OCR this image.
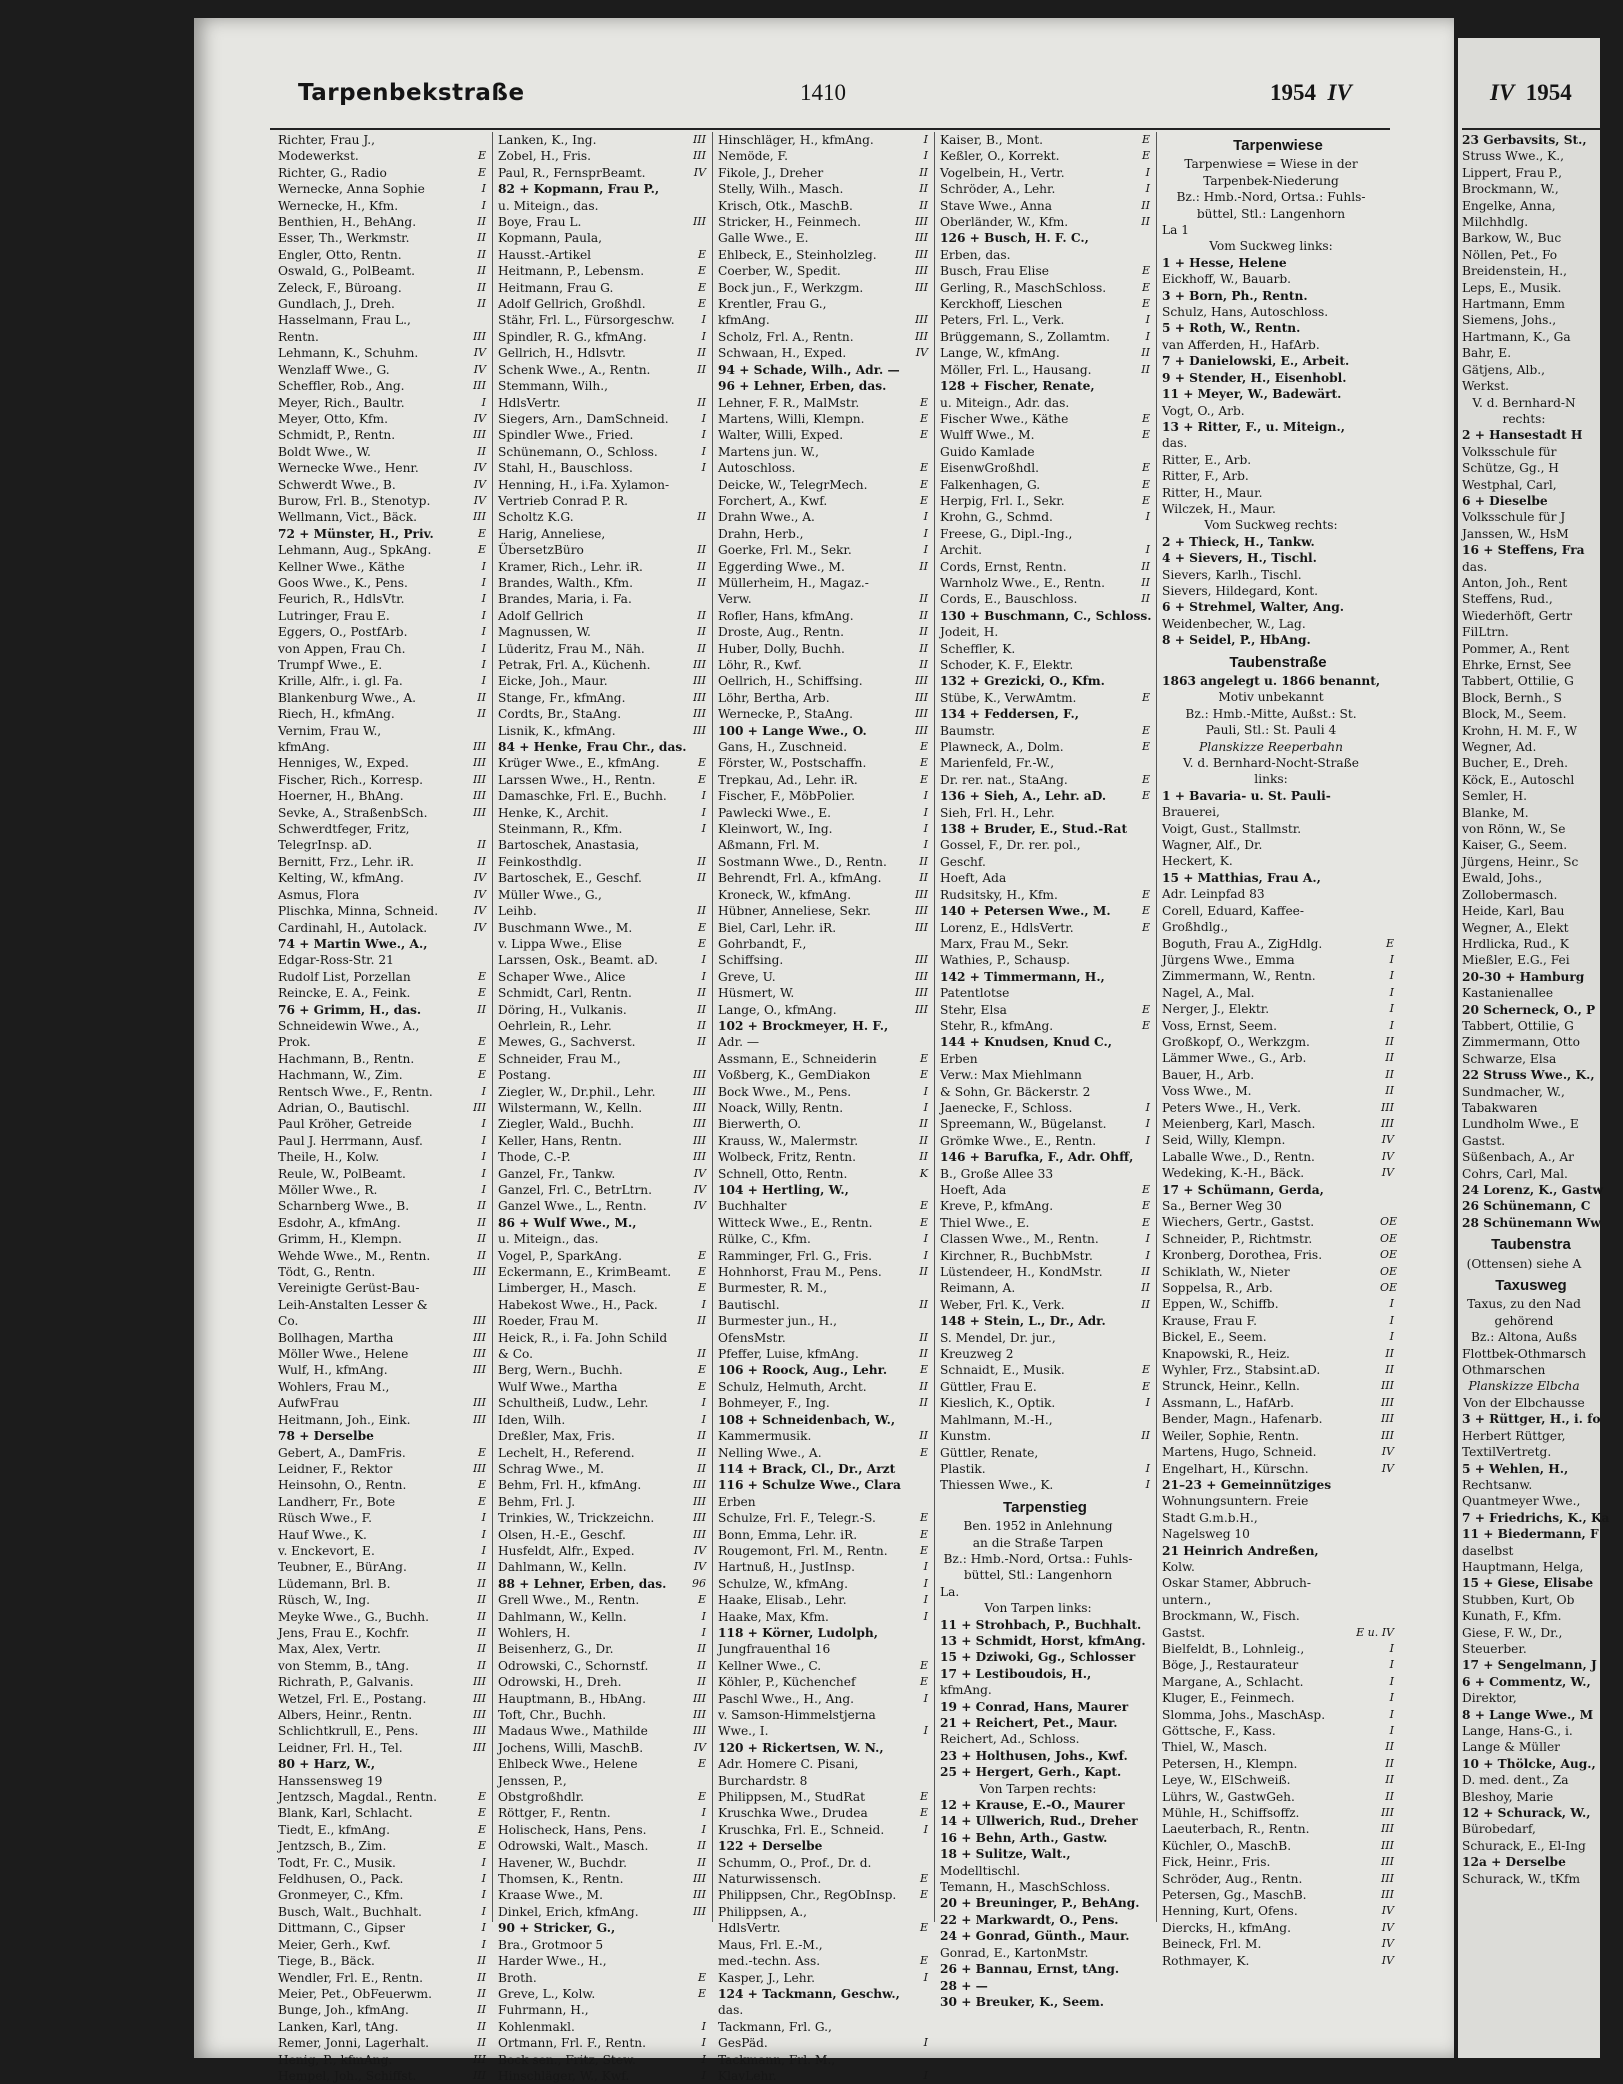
Tarpenbekstraße	1410	1954 IV	IV 1954
Richter, Frau J.,
Modewerkst.	E
Richter, G., Radio	E
Wernecke, Anna Sophie	I
Wernecke, H., Kfm.	I
Benthien, H., BehAng.	II
Esser, Th., Werkmstr.	II
Engler, Otto, Rentn.	II
Oswald, G., PolBeamt.	II
Zeleck, F., Büroang.	II
Gundlach, J., Dreh.	II
Hasselmann, Frau L.,
Rentn.	III
Lehmann, K., Schuhm.	IV
Wenzlaff Wwe., G.	IV
Scheffler, Rob., Ang.	III
Meyer, Rich., Baultr.	I
Meyer, Otto, Kfm.	IV
Schmidt, P., Rentn.	III
Boldt Wwe., W.	II
Wernecke Wwe., Henr.	IV
Schwerdt Wwe., B.	IV
Burow, Frl. B., Stenotyp.	IV
Wellmann, Vict., Bäck.	III
72 + Münster, H., Priv.	E
Lehmann, Aug., SpkAng.	E
Kellner Wwe., Käthe	I
Goos Wwe., K., Pens.	I
Feurich, R., HdlsVtr.	I
Lutringer, Frau E.	I
Eggers, O., PostfArb.	I
von Appen, Frau Ch.	I
Trumpf Wwe., E.	I
Krille, Alfr., i. gl. Fa.	I
Blankenburg Wwe., A.	II
Riech, H., kfmAng.	II
Vernim, Frau W.,
kfmAng.	III
Henniges, W., Exped.	III
Fischer, Rich., Korresp.	III
Hoerner, H., BhAng.	III
Sevke, A., StraßenbSch.	III
Schwerdtfeger, Fritz,
TelegrInsp. aD.	II
Bernitt, Frz., Lehr. iR.	II
Kelting, W., kfmAng.	IV
Asmus, Flora	IV
Plischka, Minna, Schneid.	IV
Cardinahl, H., Autolack.	IV
74 + Martin Wwe., A.,
Edgar-Ross-Str. 21
Rudolf List, Porzellan	E
Reincke, E. A., Feink.	E
76 + Grimm, H., das.	II
Schneidewin Wwe., A.,
Prok.	E
Hachmann, B., Rentn.	E
Hachmann, W., Zim.	E
Rentsch Wwe., F., Rentn.	I
Adrian, O., Bautischl.	III
Paul Kröher, Getreide	I
Paul J. Herrmann, Ausf.	I
Theile, H., Kolw.	I
Reule, W., PolBeamt.	I
Möller Wwe., R.	I
Scharnberg Wwe., B.	II
Esdohr, A., kfmAng.	II
Grimm, H., Klempn.	II
Wehde Wwe., M., Rentn.	II
Tödt, G., Rentn.	III
Vereinigte Gerüst-Bau-
Leih-Anstalten Lesser &
Co.	III
Bollhagen, Martha	III
Möller Wwe., Helene	III
Wulf, H., kfmAng.	III
Wohlers, Frau M.,
AufwFrau	III
Heitmann, Joh., Eink.	III
78 + Derselbe
Gebert, A., DamFris.	E
Leidner, F., Rektor	III
Heinsohn, O., Rentn.	E
Landherr, Fr., Bote	E
Rüsch Wwe., F.	I
Hauf Wwe., K.	I
v. Enckevort, E.	I
Teubner, E., BürAng.	II
Lüdemann, Brl. B.	II
Rüsch, W., Ing.	II
Meyke Wwe., G., Buchh.	II
Jens, Frau E., Kochfr.	II
Max, Alex, Vertr.	II
von Stemm, B., tAng.	II
Richrath, P., Galvanis.	III
Wetzel, Frl. E., Postang.	III
Albers, Heinr., Rentn.	III
Schlichtkrull, E., Pens.	III
Leidner, Frl. H., Tel.	III
80 + Harz, W.,
Hanssensweg 19
Jentzsch, Magdal., Rentn.	E
Blank, Karl, Schlacht.	E
Tiedt, E., kfmAng.	E
Jentzsch, B., Zim.	E
Todt, Fr. C., Musik.	I
Feldhusen, O., Pack.	I
Gronmeyer, C., Kfm.	I
Busch, Walt., Buchhalt.	I
Dittmann, C., Gipser	I
Meier, Gerh., Kwf.	I
Tiege, B., Bäck.	II
Wendler, Frl. E., Rentn.	II
Meier, Pet., ObFeuerwm.	II
Bunge, Joh., kfmAng.	II
Lanken, Karl, tAng.	II
Remer, Jonni, Lagerhalt.	II
Henig, P., kfmAng.	III
Hempel, Joh., Schiffst.	III
Lanken, K., Ing.	III
Zobel, H., Fris.	III
Paul, R., FernsprBeamt.	IV
82 + Kopmann, Frau P.,
u. Miteign., das.
Boye, Frau L.	III
Kopmann, Paula,
Hausst.-Artikel	E
Heitmann, P., Lebensm.	E
Heitmann, Frau G.	E
Adolf Gellrich, Großhdl.	E
Stähr, Frl. L., Fürsorgeschw.	I
Spindler, R. G., kfmAng.	I
Gellrich, H., Hdlsvtr.	II
Schenk Wwe., A., Rentn.	II
Stemmann, Wilh.,
HdlsVertr.	II
Siegers, Arn., DamSchneid.	I
Spindler Wwe., Fried.	I
Schünemann, O., Schloss.	I
Stahl, H., Bauschloss.	I
Henning, H., i.Fa. Xylamon-
Vertrieb Conrad P. R.
Scholtz K.G.	II
Harig, Anneliese,
ÜbersetzBüro	II
Kramer, Rich., Lehr. iR.	II
Brandes, Walth., Kfm.	II
Brandes, Maria, i. Fa.
Adolf Gellrich	II
Magnussen, W.	II
Lüderitz, Frau M., Näh.	II
Petrak, Frl. A., Küchenh.	III
Eicke, Joh., Maur.	III
Stange, Fr., kfmAng.	III
Cordts, Br., StaAng.	III
Lisnik, K., kfmAng.	III
84 + Henke, Frau Chr., das.
Krüger Wwe., E., kfmAng.	E
Larssen Wwe., H., Rentn.	E
Damaschke, Frl. E., Buchh.	I
Henke, K., Archit.	I
Steinmann, R., Kfm.	I
Bartoschek, Anastasia,
Feinkosthdlg.	II
Bartoschek, E., Geschf.	II
Müller Wwe., G.,
Leihb.	II
Buschmann Wwe., M.	E
v. Lippa Wwe., Elise	E
Larssen, Osk., Beamt. aD.	I
Schaper Wwe., Alice	I
Schmidt, Carl, Rentn.	II
Döring, H., Vulkanis.	II
Oehrlein, R., Lehr.	II
Mewes, G., Sachverst.	II
Schneider, Frau M.,
Postang.	III
Ziegler, W., Dr.phil., Lehr.	III
Wilstermann, W., Kelln.	III
Ziegler, Wald., Buchh.	III
Keller, Hans, Rentn.	III
Thode, C.-P.	III
Ganzel, Fr., Tankw.	IV
Ganzel, Frl. C., BetrLtrn.	IV
Ganzel Wwe., L., Rentn.	IV
86 + Wulf Wwe., M.,
u. Miteign., das.
Vogel, P., SparkAng.	E
Eckermann, E., KrimBeamt.	E
Limberger, H., Masch.	E
Habekost Wwe., H., Pack.	I
Roeder, Frau M.	II
Heick, R., i. Fa. John Schild
& Co.	II
Berg, Wern., Buchh.	E
Wulf Wwe., Martha	E
Schultheiß, Ludw., Lehr.	I
Iden, Wilh.	I
Dreßler, Max, Fris.	II
Lechelt, H., Referend.	II
Schrag Wwe., M.	II
Behm, Frl. H., kfmAng.	III
Behm, Frl. J.	III
Trinkies, W., Trickzeichn.	III
Olsen, H.-E., Geschf.	III
Husfeldt, Alfr., Exped.	IV
Dahlmann, W., Kelln.	IV
88 + Lehner, Erben, das.	96
Grell Wwe., M., Rentn.	E
Dahlmann, W., Kelln.	I
Wohlers, H.	I
Beisenherz, G., Dr.	II
Odrowski, C., Schornstf.	II
Odrowski, H., Dreh.	II
Hauptmann, B., HbAng.	III
Toft, Chr., Buchh.	III
Madaus Wwe., Mathilde	III
Jochens, Willi, MaschB.	IV
Ehlbeck Wwe., Helene	E
Jenssen, P.,
Obstgroßhdlr.	E
Röttger, F., Rentn.	I
Holischeck, Hans, Pens.	I
Odrowski, Walt., Masch.	II
Havener, W., Buchdr.	II
Thomsen, K., Rentn.	III
Kraase Wwe., M.	III
Dinkel, Erich, kfmAng.	III
90 + Stricker, G.,
Bra., Grotmoor 5
Harder Wwe., H.,
Broth.	E
Greve, L., Kolw.	E
Fuhrmann, H.,
Kohlenmakl.	I
Ortmann, Frl. F., Rentn.	I
Bock sen., Fritz, Stew.	I
Hinschläger, W., Kwf.	I
Hinschläger, H., kfmAng.	I
Nemöde, F.	I
Fikole, J., Dreher	II
Stelly, Wilh., Masch.	II
Krisch, Otk., MaschB.	II
Stricker, H., Feinmech.	III
Galle Wwe., E.	III
Ehlbeck, E., Steinholzleg.	III
Coerber, W., Spedit.	III
Bock jun., F., Werkzgm.	III
Krentler, Frau G.,
kfmAng.	III
Scholz, Frl. A., Rentn.	III
Schwaan, H., Exped.	IV
94 + Schade, Wilh., Adr. —
96 + Lehner, Erben, das.
Lehner, F. R., MalMstr.	E
Martens, Willi, Klempn.	E
Walter, Willi, Exped.	E
Martens jun. W.,
Autoschloss.	E
Deicke, W., TelegrMech.	E
Forchert, A., Kwf.	E
Drahn Wwe., A.	I
Drahn, Herb.,	I
Goerke, Frl. M., Sekr.	I
Eggerding Wwe., M.	II
Müllerheim, H., Magaz.-
Verw.	II
Rofler, Hans, kfmAng.	II
Droste, Aug., Rentn.	II
Huber, Dolly, Buchh.	II
Löhr, R., Kwf.	II
Oellrich, H., Schiffsing.	III
Löhr, Bertha, Arb.	III
Wernecke, P., StaAng.	III
100 + Lange Wwe., O.	III
Gans, H., Zuschneid.	E
Förster, W., Postschaffn.	E
Trepkau, Ad., Lehr. iR.	E
Fischer, F., MöbPolier.	I
Pawlecki Wwe., E.	I
Kleinwort, W., Ing.	I
Aßmann, Frl. M.	I
Sostmann Wwe., D., Rentn.	II
Behrendt, Frl. A., kfmAng.	II
Kroneck, W., kfmAng.	III
Hübner, Anneliese, Sekr.	III
Biel, Carl, Lehr. iR.	III
Gohrbandt, F.,
Schiffsing.	III
Greve, U.	III
Hüsmert, W.	III
Lange, O., kfmAng.	III
102 + Brockmeyer, H. F.,
Adr. —
Assmann, E., Schneiderin	E
Voßberg, K., GemDiakon	E
Bock Wwe., M., Pens.	I
Noack, Willy, Rentn.	I
Bierwerth, O.	II
Krauss, W., Malermstr.	II
Wolbeck, Fritz, Rentn.	II
Schnell, Otto, Rentn.	K
104 + Hertling, W.,
Buchhalter	E
Witteck Wwe., E., Rentn.	E
Rülke, C., Kfm.	I
Ramminger, Frl. G., Fris.	I
Hohnhorst, Frau M., Pens.	II
Burmester, R. M.,
Bautischl.	II
Burmester jun., H.,
OfensMstr.	II
Pfeffer, Luise, kfmAng.	II
106 + Roock, Aug., Lehr.	E
Schulz, Helmuth, Archt.	II
Bohmeyer, F., Ing.	II
108 + Schneidenbach, W.,
Kammermusik.	II
Nelling Wwe., A.	E
114 + Brack, Cl., Dr., Arzt
116 + Schulze Wwe., Clara
Erben
Schulze, Frl. F., Telegr.-S.	E
Bonn, Emma, Lehr. iR.	E
Rougemont, Frl. M., Rentn.	E
Hartnuß, H., JustInsp.	I
Schulze, W., kfmAng.	I
Haake, Elisab., Lehr.	I
Haake, Max, Kfm.	I
118 + Körner, Ludolph,
Jungfrauenthal 16
Kellner Wwe., C.	E
Köhler, P., Küchenchef	E
Paschl Wwe., H., Ang.	I
v. Samson-Himmelstjerna
Wwe., I.	I
120 + Rickertsen, W. N.,
Adr. Homere C. Pisani,
Burchardstr. 8
Philippsen, M., StudRat	E
Kruschka Wwe., Drudea	E
Kruschka, Frl. E., Schneid.	I
122 + Derselbe
Schumm, O., Prof., Dr. d.
Naturwissensch.	E
Philippsen, Chr., RegObInsp.	E
Philippsen, A.,
HdlsVertr.	E
Maus, Frl. E.-M.,
med.-techn. Ass.	E
Kasper, J., Lehr.	I
124 + Tackmann, Geschw.,
das.
Tackmann, Frl. G.,
GesPäd.	I
Tackmann, Frl. M.,
KlavLehr.	I
Kaiser, B., Mont.	E
Keßler, O., Korrekt.	E
Vogelbein, H., Vertr.	I
Schröder, A., Lehr.	I
Stave Wwe., Anna	II
Oberländer, W., Kfm.	II
126 + Busch, H. F. C.,
Erben, das.
Busch, Frau Elise	E
Gerling, R., MaschSchloss.	E
Kerckhoff, Lieschen	E
Peters, Frl. L., Verk.	I
Brüggemann, S., Zollamtm.	I
Lange, W., kfmAng.	II
Möller, Frl. L., Hausang.	II
128 + Fischer, Renate,
u. Miteign., Adr. das.
Fischer Wwe., Käthe	E
Wulff Wwe., M.	E
Guido Kamlade
EisenwGroßhdl.	E
Falkenhagen, G.	E
Herpig, Frl. I., Sekr.	E
Krohn, G., Schmd.	I
Freese, G., Dipl.-Ing.,
Archit.	I
Cords, Ernst, Rentn.	II
Warnholz Wwe., E., Rentn.	II
Cords, E., Bauschloss.	II
130 + Buschmann, C., Schloss.
Jodeit, H.
Scheffler, K.
Schoder, K. F., Elektr.
132 + Grezicki, O., Kfm.
Stübe, K., VerwAmtm.	E
134 + Feddersen, F.,
Baumstr.	E
Plawneck, A., Dolm.	E
Marienfeld, Fr.-W.,
Dr. rer. nat., StaAng.	E
136 + Sieh, A., Lehr. aD.	E
Sieh, Frl. H., Lehr.
138 + Bruder, E., Stud.-Rat
Gossel, F., Dr. rer. pol.,
Geschf.
Hoeft, Ada
Rudsitsky, H., Kfm.	E
140 + Petersen Wwe., M.	E
Lorenz, E., HdlsVertr.	E
Marx, Frau M., Sekr.
Wathies, P., Schausp.
142 + Timmermann, H.,
Patentlotse
Stehr, Elsa	E
Stehr, R., kfmAng.	E
144 + Knudsen, Knud C.,
Erben
Verw.: Max Miehlmann
& Sohn, Gr. Bäckerstr. 2
Jaenecke, F., Schloss.	I
Spreemann, W., Bügelanst.	I
Grömke Wwe., E., Rentn.	I
146 + Barufka, F., Adr. Ohff,
B., Große Allee 33
Hoeft, Ada	E
Kreve, P., kfmAng.	E
Thiel Wwe., E.	E
Classen Wwe., M., Rentn.	I
Kirchner, R., BuchbMstr.	I
Lüstendeer, H., KondMstr.	II
Reimann, A.	II
Weber, Frl. K., Verk.	II
148 + Stein, L., Dr., Adr.
S. Mendel, Dr. jur.,
Kreuzweg 2
Schnaidt, E., Musik.	E
Güttler, Frau E.	E
Kieslich, K., Optik.	I
Mahlmann, M.-H.,
Kunstm.	II
Güttler, Renate,
Plastik.	I
Thiessen Wwe., K.	I
Tarpenstieg
Ben. 1952 in Anlehnung
an die Straße Tarpen
Bz.: Hmb.-Nord, Ortsa.: Fuhls-
büttel, Stl.: Langenhorn
La.
Von Tarpen links:
11 + Strohbach, P., Buchhalt.
13 + Schmidt, Horst, kfmAng.
15 + Dziwoki, Gg., Schlosser
17 + Lestiboudois, H.,
kfmAng.
19 + Conrad, Hans, Maurer
21 + Reichert, Pet., Maur.
Reichert, Ad., Schloss.
23 + Holthusen, Johs., Kwf.
25 + Hergert, Gerh., Kapt.
Von Tarpen rechts:
12 + Krause, E.-O., Maurer
14 + Ullwerich, Rud., Dreher
16 + Behn, Arth., Gastw.
18 + Sulitze, Walt.,
Modelltischl.
Temann, H., MaschSchloss.
20 + Breuninger, P., BehAng.
22 + Markwardt, O., Pens.
24 + Gonrad, Günth., Maur.
Gonrad, E., KartonMstr.
26 + Bannau, Ernst, tAng.
28 + —
30 + Breuker, K., Seem.
Tarpenwiese
Tarpenwiese = Wiese in der
Tarpenbek-Niederung
Bz.: Hmb.-Nord, Ortsa.: Fuhls-
büttel, Stl.: Langenhorn
La 1
Vom Suckweg links:
1 + Hesse, Helene
Eickhoff, W., Bauarb.
3 + Born, Ph., Rentn.
Schulz, Hans, Autoschloss.
5 + Roth, W., Rentn.
van Afferden, H., HafArb.
7 + Danielowski, E., Arbeit.
9 + Stender, H., Eisenhobl.
11 + Meyer, W., Badewärt.
Vogt, O., Arb.
13 + Ritter, F., u. Miteign.,
das.
Ritter, E., Arb.
Ritter, F., Arb.
Ritter, H., Maur.
Wilczek, H., Maur.
Vom Suckweg rechts:
2 + Thieck, H., Tankw.
4 + Sievers, H., Tischl.
Sievers, Karlh., Tischl.
Sievers, Hildegard, Kont.
6 + Strehmel, Walter, Ang.
Weidenbecher, W., Lag.
8 + Seidel, P., HbAng.
Taubenstraße
1863 angelegt u. 1866 benannt,
Motiv unbekannt
Bz.: Hmb.-Mitte, Außst.: St.
Pauli, Stl.: St. Pauli 4
Planskizze Reeperbahn
V. d. Bernhard-Nocht-Straße
links:
1 + Bavaria- u. St. Pauli-
Brauerei,
Voigt, Gust., Stallmstr.
Wagner, Alf., Dr.
Heckert, K.
15 + Matthias, Frau A.,
Adr. Leinpfad 83
Corell, Eduard, Kaffee-
Großhdlg.,
Boguth, Frau A., ZigHdlg.	E
Jürgens Wwe., Emma	I
Zimmermann, W., Rentn.	I
Nagel, A., Mal.	I
Nerger, J., Elektr.	I
Voss, Ernst, Seem.	I
Großkopf, O., Werkzgm.	II
Lämmer Wwe., G., Arb.	II
Bauer, H., Arb.	II
Voss Wwe., M.	II
Peters Wwe., H., Verk.	III
Meienberg, Karl, Masch.	III
Seid, Willy, Klempn.	IV
Laballe Wwe., D., Rentn.	IV
Wedeking, K.-H., Bäck.	IV
17 + Schümann, Gerda,
Sa., Berner Weg 30
Wiechers, Gertr., Gastst.	OE
Schneider, P., Richtmstr.	OE
Kronberg, Dorothea, Fris.	OE
Schiklath, W., Nieter	OE
Soppelsa, R., Arb.	OE
Eppen, W., Schiffb.	I
Krause, Frau F.	I
Bickel, E., Seem.	I
Knapowski, R., Heiz.	II
Wyhler, Frz., Stabsint.aD.	II
Strunck, Heinr., Kelln.	III
Assmann, L., HafArb.	III
Bender, Magn., Hafenarb.	III
Weiler, Sophie, Rentn.	III
Martens, Hugo, Schneid.	IV
Engelhart, H., Kürschn.	IV
21–23 + Gemeinnütziges
Wohnungsuntern. Freie
Stadt G.m.b.H.,
Nagelsweg 10
21 Heinrich Andreßen,
Kolw.
Oskar Stamer, Abbruch-
untern.,
Brockmann, W., Fisch.
Gastst.	E u. IV
Bielfeldt, B., Lohnleig.,	I
Böge, J., Restaurateur	I
Margane, A., Schlacht.	I
Kluger, E., Feinmech.	I
Slomma, Johs., MaschAsp.	I
Göttsche, F., Kass.	I
Thiel, W., Masch.	II
Petersen, H., Klempn.	II
Leye, W., ElSchweiß.	II
Lührs, W., GastwGeh.	II
Mühle, H., Schiffsoffz.	III
Laeuterbach, R., Rentn.	III
Küchler, O., MaschB.	III
Fick, Heinr., Fris.	III
Schröder, Aug., Rentn.	III
Petersen, Gg., MaschB.	III
Henning, Kurt, Ofens.	IV
Diercks, H., kfmAng.	IV
Beineck, Frl. M.	IV
Rothmayer, K.	IV
23 Gerbavsits, St.,
Struss Wwe., K.,
Lippert, Frau P.,
Brockmann, W.,
Engelke, Anna,
Milchhdlg.
Barkow, W., Buc
Nöllen, Pet., Fo
Breidenstein, H.,
Leps, E., Musik.
Hartmann, Emm
Siemens, Johs.,
Hartmann, K., Ga
Bahr, E.
Gätjens, Alb.,
Werkst.
V. d. Bernhard-N
rechts:
2 + Hansestadt H
Volksschule für
Schütze, Gg., H
Westphal, Carl,
6 + Dieselbe
Volksschule für J
Janssen, W., HsM
16 + Steffens, Fra
das.
Anton, Joh., Rent
Steffens, Rud.,
Wiederhöft, Gertr
FilLtrn.
Pommer, A., Rent
Ehrke, Ernst, See
Tabbert, Ottilie, G
Block, Bernh., S
Block, M., Seem.
Krohn, H. M. F., W
Wegner, Ad.
Bucher, E., Dreh.
Köck, E., Autoschl
Semler, H.
Blanke, M.
von Rönn, W., Se
Kaiser, G., Seem.
Jürgens, Heinr., Sc
Ewald, Johs.,
Zollobermasch.
Heide, Karl, Bau
Wegner, A., Elekt
Hrdlicka, Rud., K
Mießler, E.G., Fei
20-30 + Hamburg
Kastanienallee
20 Scherneck, O., P
Tabbert, Ottilie, G
Zimmermann, Otto
Schwarze, Elsa
22 Struss Wwe., K.,
Sundmacher, W.,
Tabakwaren
Lundholm Wwe., E
Gastst.
Süßenbach, A., Ar
Cohrs, Carl, Mal.
24 Lorenz, K., Gastw
26 Schünemann, C
28 Schünemann Ww
Taubenstra
(Ottensen) siehe A
Taxusweg
Taxus, zu den Nad
gehörend
Bz.: Altona, Außs
Flottbek-Othmarsch
Othmarschen
Planskizze Elbcha
Von der Elbchausse
3 + Rüttger, H., i. fo
Herbert Rüttger,
TextilVertretg.
5 + Wehlen, H.,
Rechtsanw.
Quantmeyer Wwe.,
7 + Friedrichs, K., Ka
11 + Biedermann, F
daselbst
Hauptmann, Helga,
15 + Giese, Elisabe
Stubben, Kurt, Ob
Kunath, F., Kfm.
Giese, F. W., Dr.,
Steuerber.
17 + Sengelmann, J
6 + Commentz, W.,
Direktor,
8 + Lange Wwe., M
Lange, Hans-G., i.
Lange & Müller
10 + Thölcke, Aug.,
D. med. dent., Za
Bleshoy, Marie
12 + Schurack, W.,
Bürobedarf,
Schurack, E., El-Ing
12a + Derselbe
Schurack, W., tKfm
